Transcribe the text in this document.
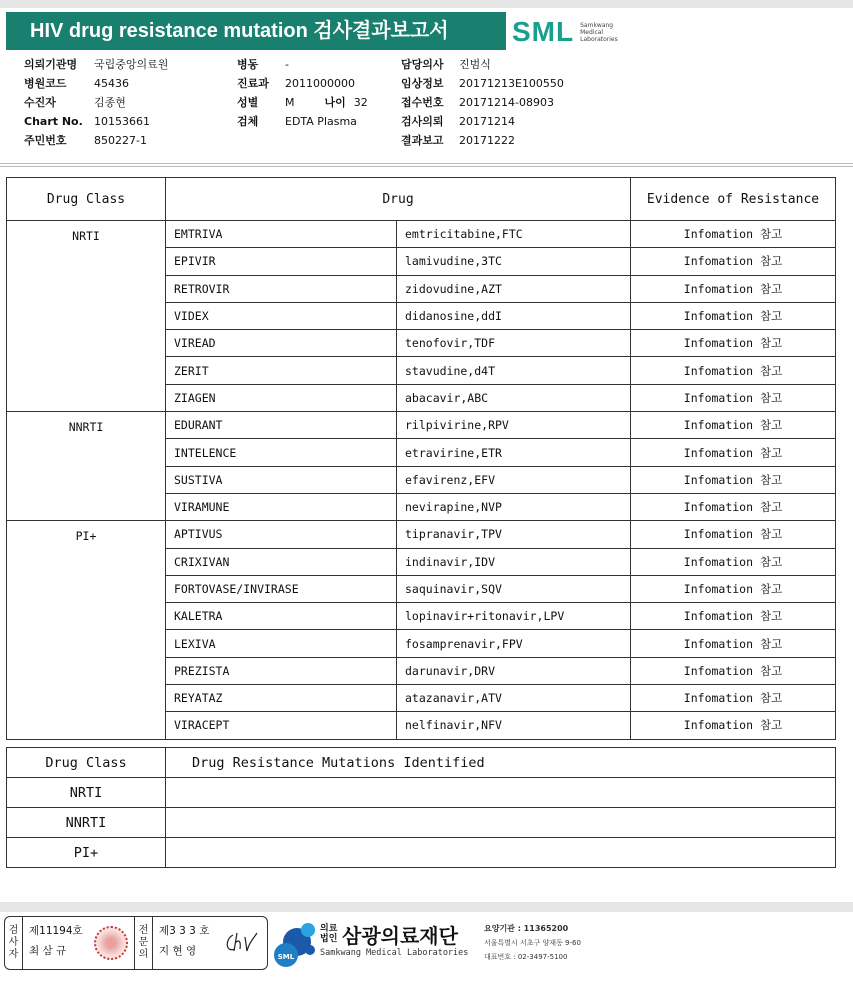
HIV drug resistance mutation 검사결과보고서	SML Samkwang
Medical
Laboratories
의뢰기관명	국립중앙의료원
병원코드	45436
수진자	김종현
Chart No.	10153661
주민번호	850227-1
병동	-
진료과	2011000000
성별	M	나이 32
검체	EDTA Plasma
담당의사	진범식
임상정보	20171213E100550
접수번호	20171214-08903
검사의뢰	20171214
결과보고	20171222
Drug Class	Drug		Evidence of Resistance
NRTI	EMTRIVA	emtricitabine,FTC	Infomation 참고
	EPIVIR	lamivudine,3TC	Infomation 참고
	RETROVIR	zidovudine,AZT	Infomation 참고
	VIDEX	didanosine,ddI	Infomation 참고
	VIREAD	tenofovir,TDF	Infomation 참고
	ZERIT	stavudine,d4T	Infomation 참고
	ZIAGEN	abacavir,ABC	Infomation 참고
NNRTI	EDURANT	rilpivirine,RPV	Infomation 참고
	INTELENCE	etravirine,ETR	Infomation 참고
	SUSTIVA	efavirenz,EFV	Infomation 참고
	VIRAMUNE	nevirapine,NVP	Infomation 참고
PI+	APTIVUS	tipranavir,TPV	Infomation 참고
	CRIXIVAN	indinavir,IDV	Infomation 참고
	FORTOVASE/INVIRASE	saquinavir,SQV	Infomation 참고
	KALETRA	lopinavir+ritonavir,LPV	Infomation 참고
	LEXIVA	fosamprenavir,FPV	Infomation 참고
	PREZISTA	darunavir,DRV	Infomation 참고
	REYATAZ	atazanavir,ATV	Infomation 참고
	VIRACEPT	nelfinavir,NFV	Infomation 참고
Drug Class	Drug Resistance Mutations Identified
NRTI	
NNRTI	
PI+	
검
사
자
제11194호
최 삼 규
전
문
의
제3 3 3 호
지 현 영	SML
의료
법인 삼광의료재단
Samkwang Medical Laboratories
요양기관 : 11365200
서울특별시 서초구 양재동 9-60
대표번호 : 02-3497-5100
